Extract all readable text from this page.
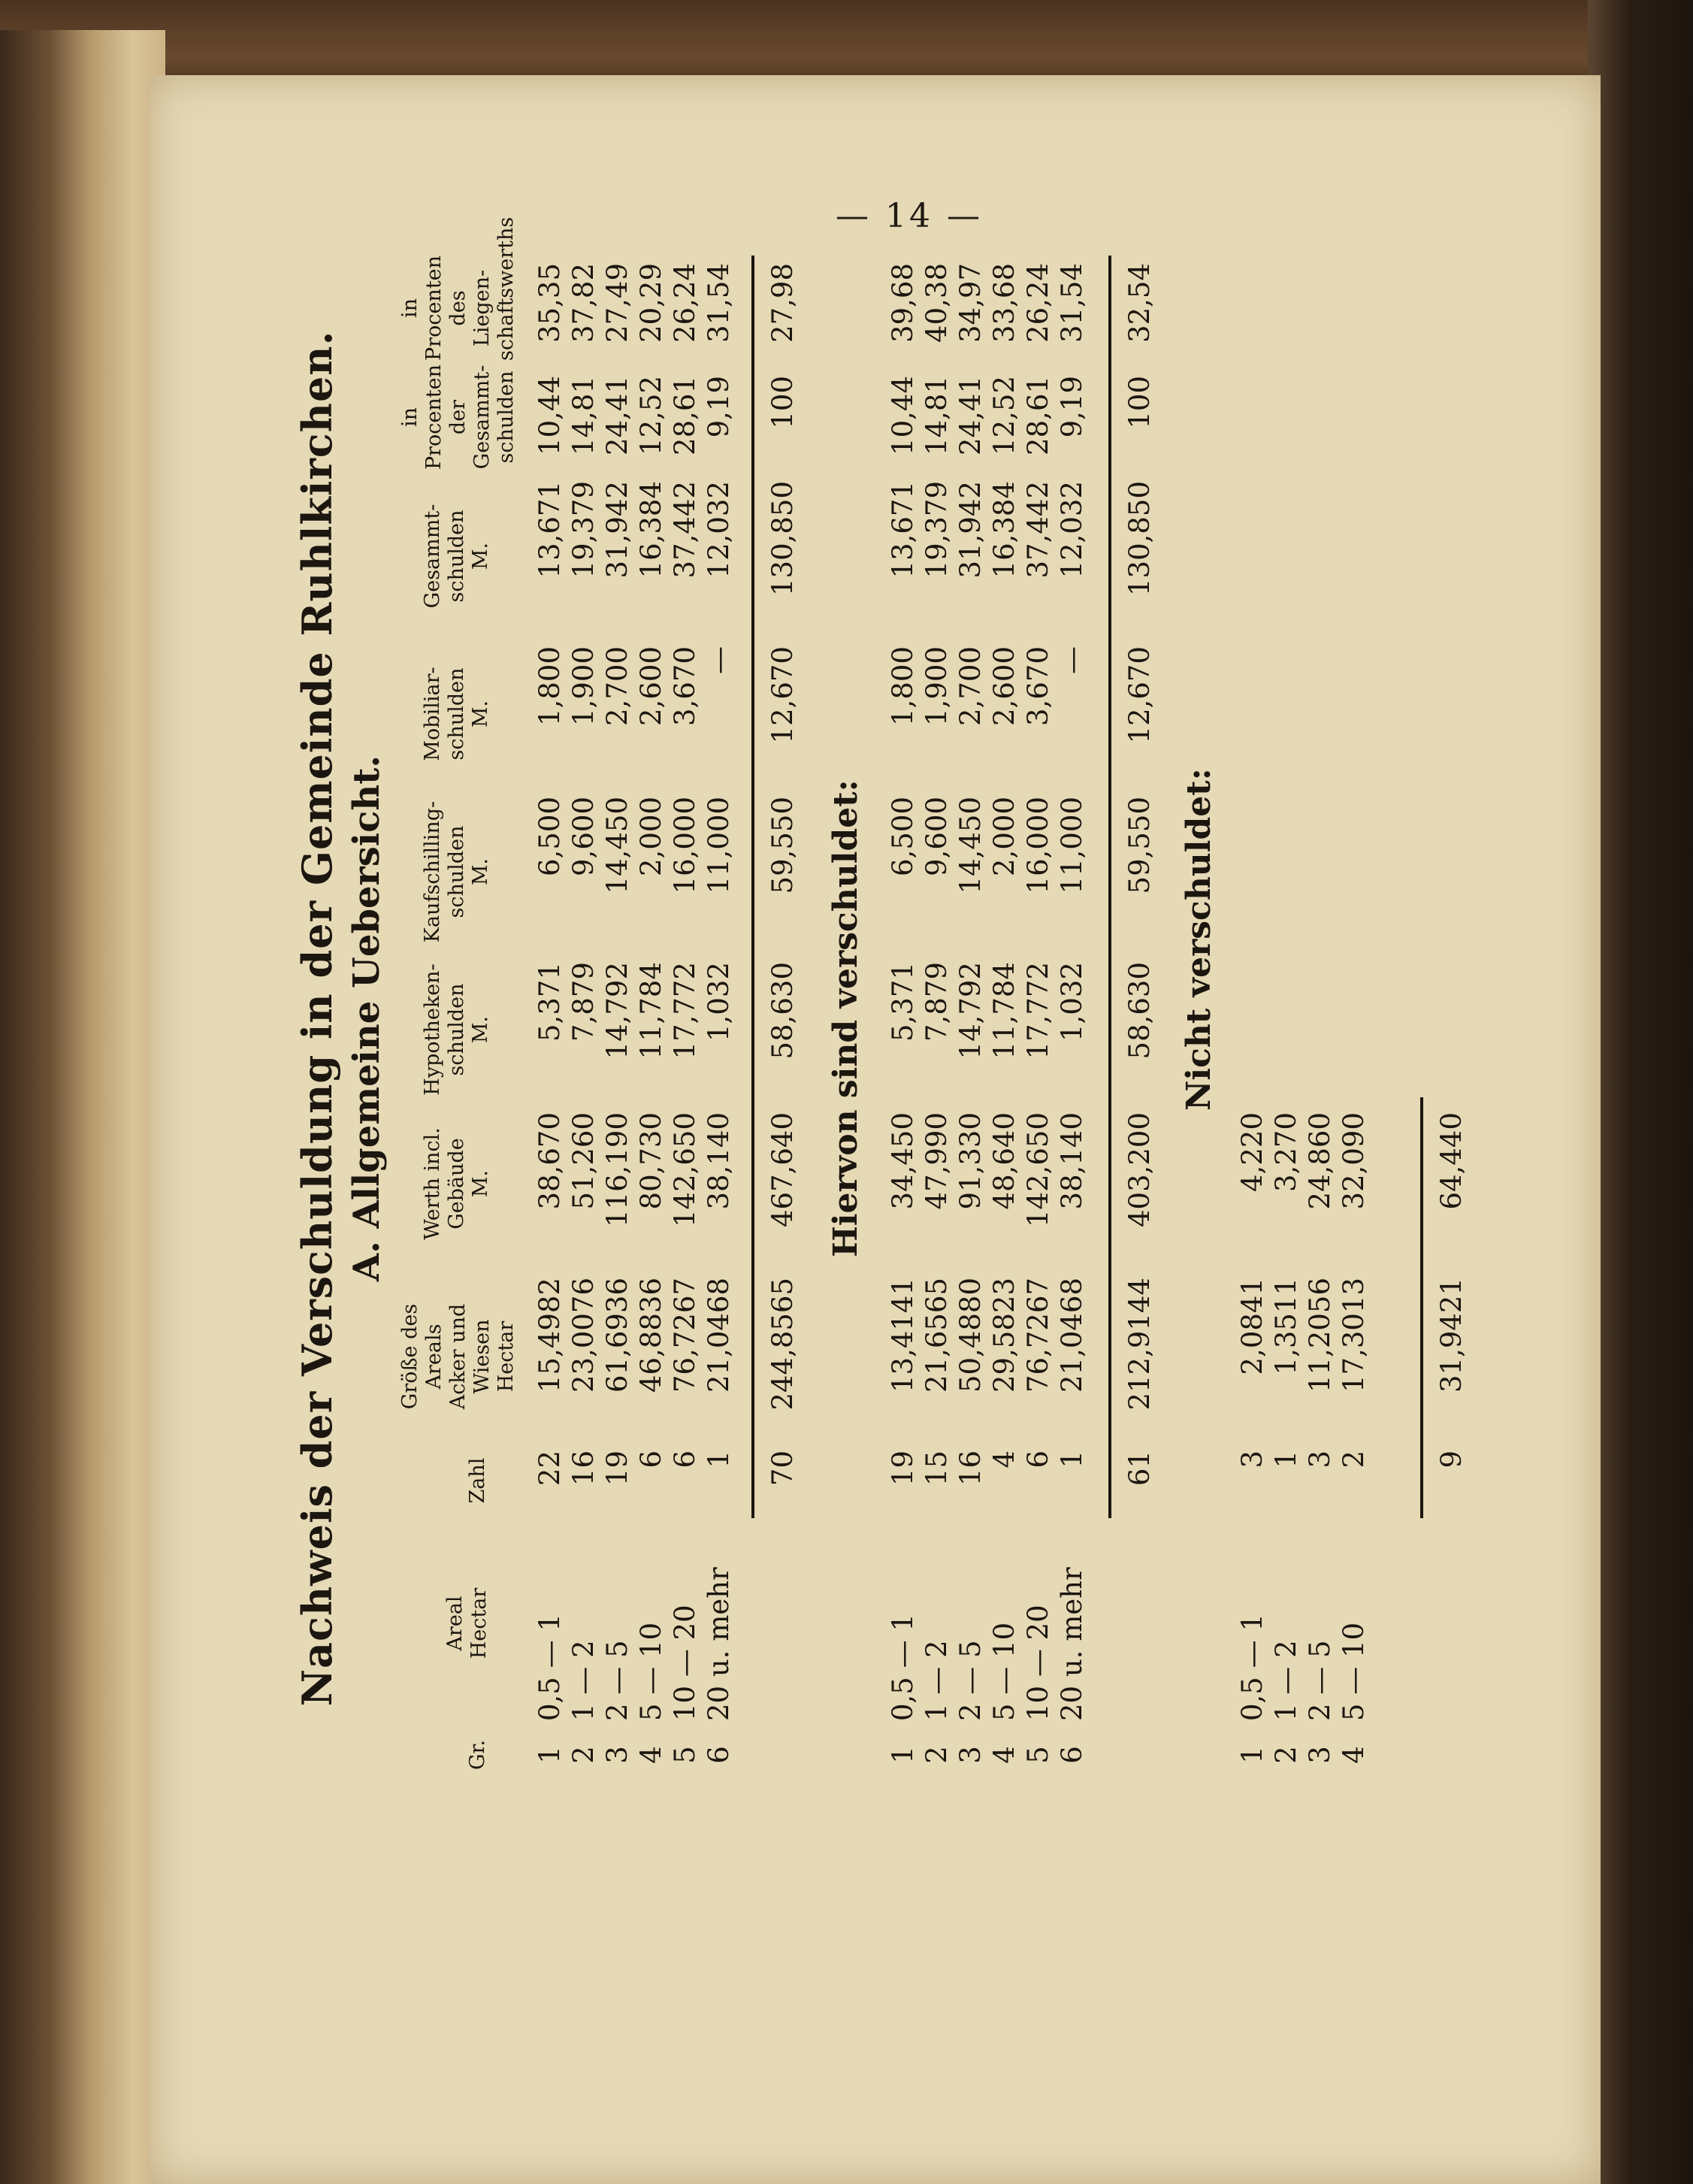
— 14 —
Nachweis der Verschuldung in der Gemeinde Ruhlkirchen. A. Allgemeine Uebersicht.
Gr.
Areal Hectar
Zahl
Größe des Areals Acker und Wiesen Hectar
Werth incl. Gebäude M.
Hypotheken- schulden M.
Kaufschilling- schulden M.
Mobiliar- schulden M.
Gesammt- schulden M.
in Procenten der Gesammt- schulden
in Procenten des Liegen- schaftswerths
Hiervon sind verschuldet:	Nicht verschuldet:
1
0,5 — 1
22
15,4982
38,670
5,371
6,500
1,800
13,671
10,44
35,35
2
1 — 2
16
23,0076
51,260
7,879
9,600
1,900
19,379
14,81
37,82
3
2 — 5
19
61,6936
116,190
14,792
14,450
2,700
31,942
24,41
27,49
4
5 — 10
6
46,8836
80,730
11,784
2,000
2,600
16,384
12,52
20,29
5
10 — 20
6
76,7267
142,650
17,772
16,000
3,670
37,442
28,61
26,24
6
20 u. mehr
1
21,0468
38,140
1,032
11,000
—
12,032
9,19
31,54
70
244,8565
467,640
58,630
59,550
12,670
130,850
100
27,98
1
0,5 — 1
19
13,4141
34,450
5,371
6,500
1,800
13,671
10,44
39,68
2
1 — 2
15
21,6565
47,990
7,879
9,600
1,900
19,379
14,81
40,38
3
2 — 5
16
50,4880
91,330
14,792
14,450
2,700
31,942
24,41
34,97
4
5 — 10
4
29,5823
48,640
11,784
2,000
2,600
16,384
12,52
33,68
5
10 — 20
6
76,7267
142,650
17,772
16,000
3,670
37,442
28,61
26,24
6
20 u. mehr
1
21,0468
38,140
1,032
11,000
—
12,032
9,19
31,54
61
212,9144
403,200
58,630
59,550
12,670
130,850
100
32,54
1
0,5 — 1
3
2,0841
4,220
2
1 — 2
1
1,3511
3,270
3
2 — 5
3
11,2056
24,860
4
5 — 10
2
17,3013
32,090
9
31,9421
64,440
